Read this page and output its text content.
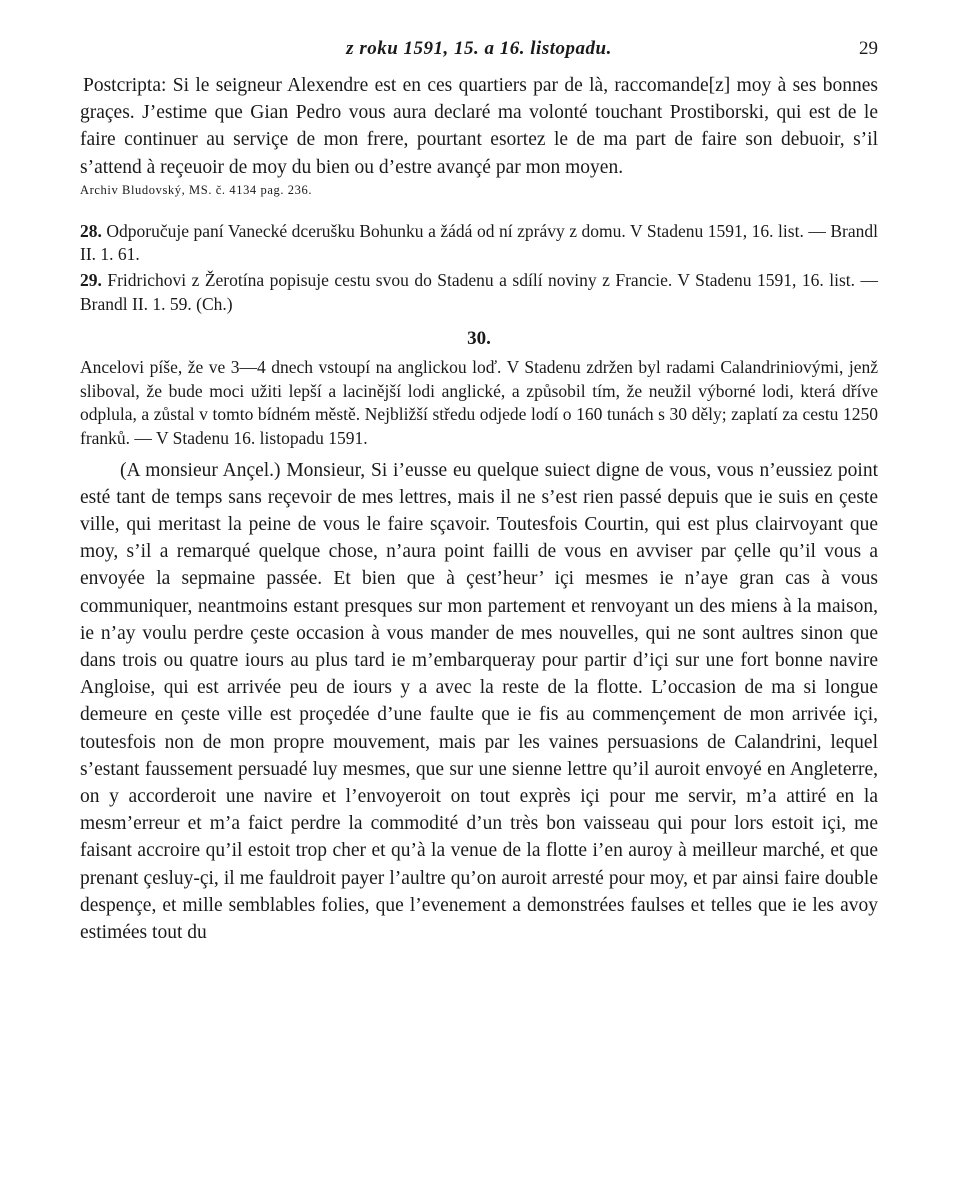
z roku 1591, 15. a 16. listopadu.	29

Postcripta: Si le seigneur Alexendre est en ces quartiers par de là, raccomande[z] moy à ses bonnes graçes. J’estime que Gian Pedro vous aura declaré ma volonté touchant Prostiborski, qui est de le faire continuer au serviçe de mon frere, pourtant esortez le de ma part de faire son debuoir, s’il s’attend à reçeuoir de moy du bien ou d’estre avançé par mon moyen.

Archiv Bludovský, MS. č. 4134 pag. 236.

28. Odporučuje paní Vanecké dcerušku Bohunku a žádá od ní zprávy z domu. V Stadenu 1591, 16. list. — Brandl II. 1. 61.

29. Fridrichovi z Žerotína popisuje cestu svou do Stadenu a sdílí noviny z Francie. V Stadenu 1591, 16. list. — Brandl II. 1. 59. (Ch.)

30.

Ancelovi píše, že ve 3—4 dnech vstoupí na anglickou loď. V Stadenu zdržen byl radami Calandriniovými, jenž sliboval, že bude moci užiti lepší a lacinější lodi anglické, a způsobil tím, že neužil výborné lodi, která dříve odplula, a zůstal v tomto bídném městě. Nejbližší středu odjede lodí o 160 tunách s 30 děly; zaplatí za cestu 1250 franků. — V Stadenu 16. listopadu 1591.

(A monsieur Ançel.) Monsieur, Si i’eusse eu quelque suiect digne de vous, vous n’eussiez point esté tant de temps sans reçevoir de mes lettres, mais il ne s’est rien passé depuis que ie suis en çeste ville, qui meritast la peine de vous le faire sçavoir. Toutesfois Courtin, qui est plus clairvoyant que moy, s’il a remarqué quelque chose, n’aura point failli de vous en avviser par çelle qu’il vous a envoyée la sepmaine passée. Et bien que à çest’heur’ içi mesmes ie n’aye gran cas à vous communiquer, neantmoins estant presques sur mon partement et renvoyant un des miens à la maison, ie n’ay voulu perdre çeste occasion à vous mander de mes nouvelles, qui ne sont aultres sinon que dans trois ou quatre iours au plus tard ie m’embarqueray pour partir d’içi sur une fort bonne navire Angloise, qui est arrivée peu de iours y a avec la reste de la flotte. L’occasion de ma si longue demeure en çeste ville est proçedée d’une faulte que ie fis au commençement de mon arrivée içi, toutesfois non de mon propre mouvement, mais par les vaines persuasions de Calandrini, lequel s’estant faussement persuadé luy mesmes, que sur une sienne lettre qu’il auroit envoyé en Angleterre, on y accorderoit une navire et l’envoyeroit on tout exprès içi pour me servir, m’a attiré en la mesm’erreur et m’a faict perdre la commodité d’un très bon vaisseau qui pour lors estoit içi, me faisant accroire qu’il estoit trop cher et qu’à la venue de la flotte i’en auroy à meilleur marché, et que prenant çesluy-çi, il me fauldroit payer l’aultre qu’on auroit arresté pour moy, et par ainsi faire double despençe, et mille semblables folies, que l’evenement a demonstrées faulses et telles que ie les avoy estimées tout du
